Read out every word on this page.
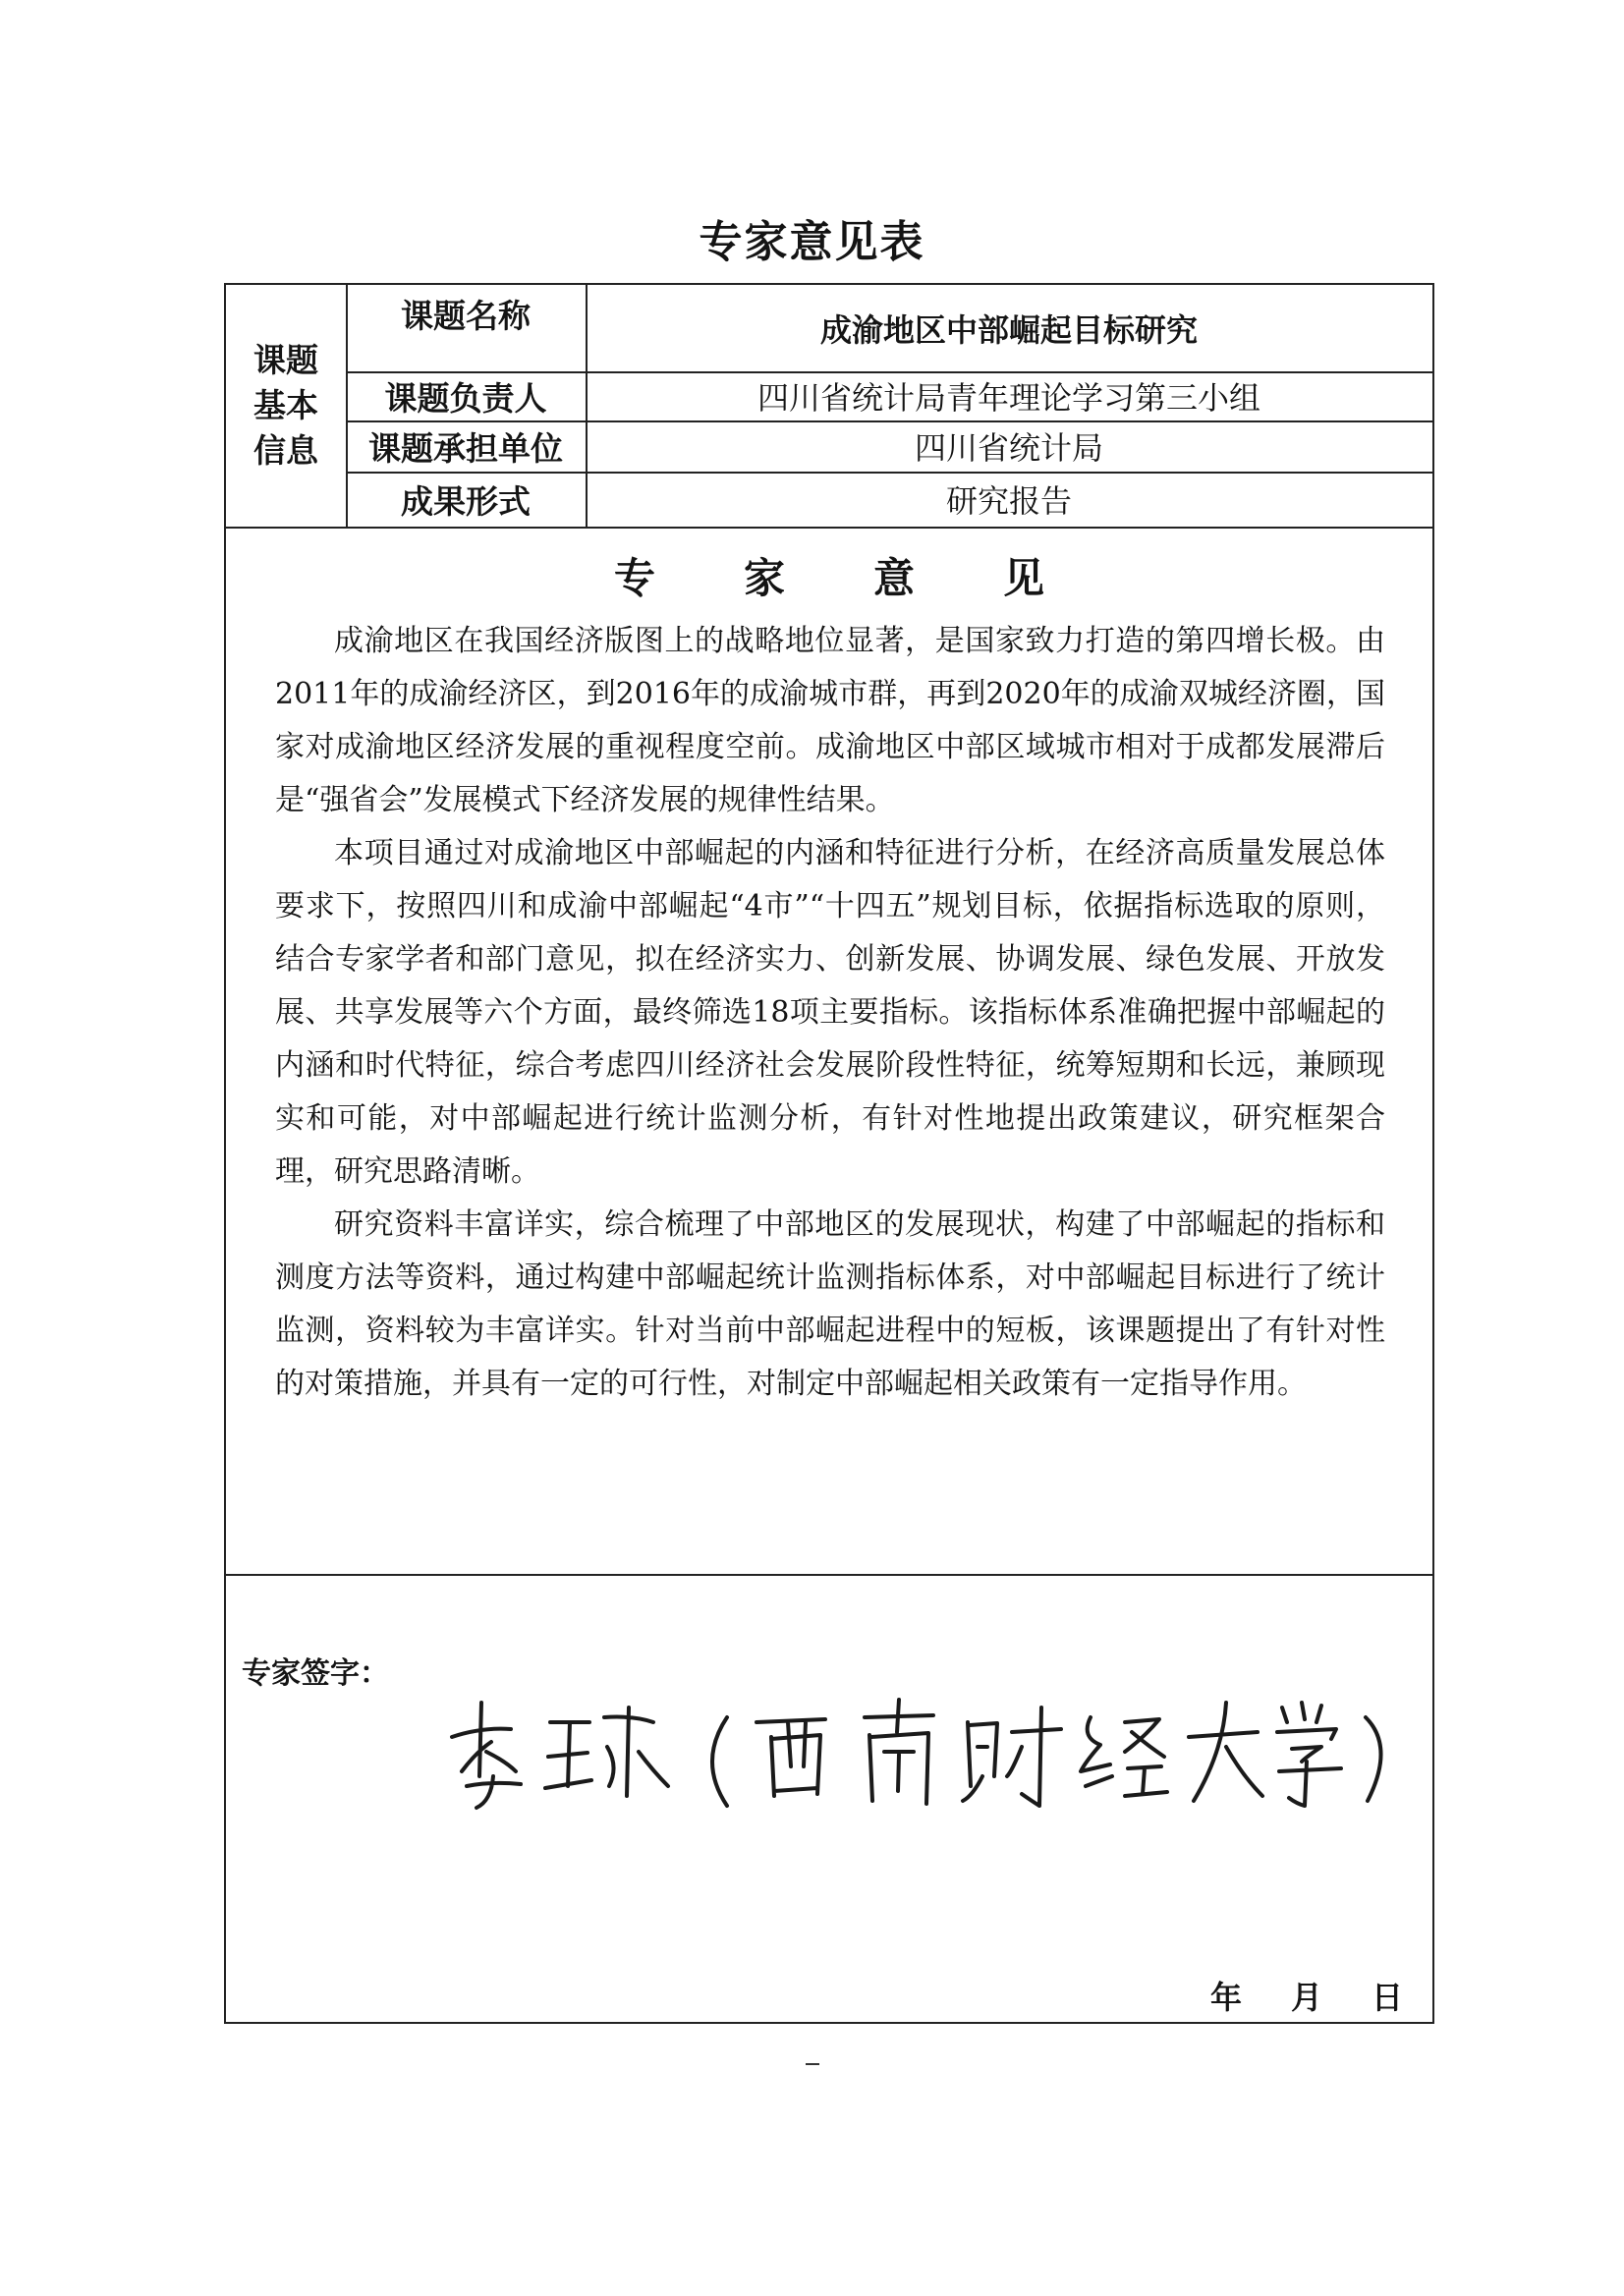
专家意见表
课题基本信息
课题名称	成渝地区中部崛起目标研究
课题负责人	四川省统计局青年理论学习第三小组
课题承担单位	四川省统计局
成果形式	研究报告
专家意见

成渝地区在我国经济版图上的战略地位显著，是国家致力打造的第四增长极。由2011年的成渝经济区，到2016年的成渝城市群，再到2020年的成渝双城经济圈，国家对成渝地区经济发展的重视程度空前。成渝地区中部区域城市相对于成都发展滞后是“强省会”发展模式下经济发展的规律性结果。

本项目通过对成渝地区中部崛起的内涵和特征进行分析，在经济高质量发展总体要求下，按照四川和成渝中部崛起“4市”“十四五”规划目标，依据指标选取的原则，结合专家学者和部门意见，拟在经济实力、创新发展、协调发展、绿色发展、开放发展、共享发展等六个方面，最终筛选18项主要指标。该指标体系准确把握中部崛起的内涵和时代特征，综合考虑四川经济社会发展阶段性特征，统筹短期和长远，兼顾现实和可能，对中部崛起进行统计监测分析，有针对性地提出政策建议，研究框架合理，研究思路清晰。

研究资料丰富详实，综合梳理了中部地区的发展现状，构建了中部崛起的指标和测度方法等资料，通过构建中部崛起统计监测指标体系，对中部崛起目标进行了统计监测，资料较为丰富详实。针对当前中部崛起进程中的短板，该课题提出了有针对性的对策措施，并具有一定的可行性，对制定中部崛起相关政策有一定指导作用。

专家签字：
年 月 日
